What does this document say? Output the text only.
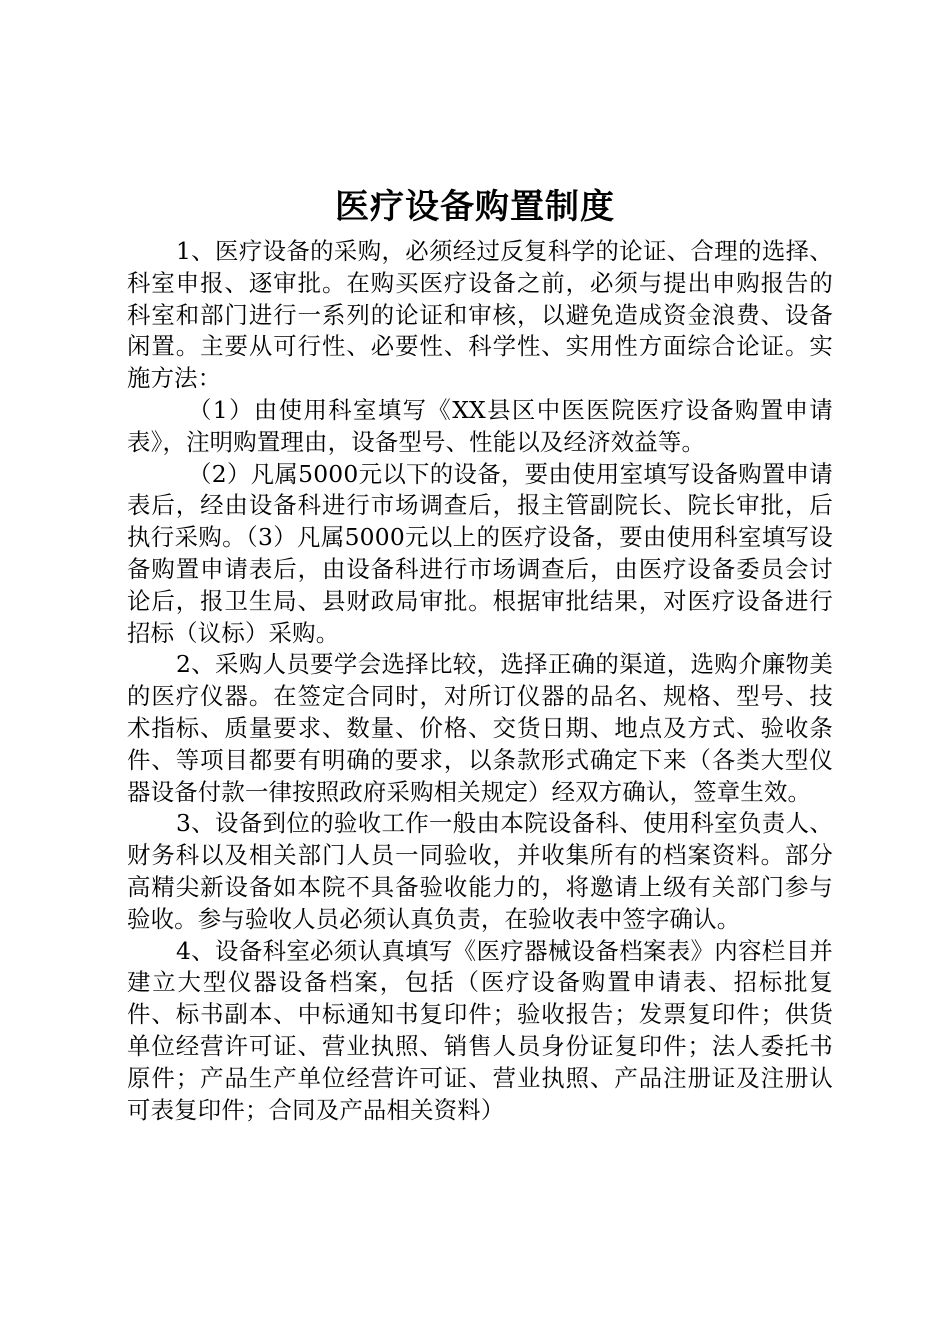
医疗设备购置制度

1、医疗设备的采购，必须经过反复科学的论证、合理的选择、科室申报、逐审批。在购买医疗设备之前，必须与提出申购报告的科室和部门进行一系列的论证和审核，以避免造成资金浪费、设备闲置。主要从可行性、必要性、科学性、实用性方面综合论证。实施方法：

（1）由使用科室填写《XX县区中医医院医疗设备购置申请表》，注明购置理由，设备型号、性能以及经济效益等。

（2）凡属5000元以下的设备，要由使用室填写设备购置申请表后，经由设备科进行市场调查后，报主管副院长、院长审批，后执行采购。（3）凡属5000元以上的医疗设备，要由使用科室填写设备购置申请表后，由设备科进行市场调查后，由医疗设备委员会讨论后，报卫生局、县财政局审批。根据审批结果，对医疗设备进行招标（议标）采购。

2、采购人员要学会选择比较，选择正确的渠道，选购介廉物美的医疗仪器。在签定合同时，对所订仪器的品名、规格、型号、技术指标、质量要求、数量、价格、交货日期、地点及方式、验收条件、等项目都要有明确的要求，以条款形式确定下来（各类大型仪器设备付款一律按照政府采购相关规定）经双方确认，签章生效。

3、设备到位的验收工作一般由本院设备科、使用科室负责人、财务科以及相关部门人员一同验收，并收集所有的档案资料。部分高精尖新设备如本院不具备验收能力的，将邀请上级有关部门参与验收。参与验收人员必须认真负责，在验收表中签字确认。

4、设备科室必须认真填写《医疗器械设备档案表》内容栏目并建立大型仪器设备档案，包括（医疗设备购置申请表、招标批复件、标书副本、中标通知书复印件；验收报告；发票复印件；供货单位经营许可证、营业执照、销售人员身份证复印件；法人委托书原件；产品生产单位经营许可证、营业执照、产品注册证及注册认可表复印件；合同及产品相关资料）
